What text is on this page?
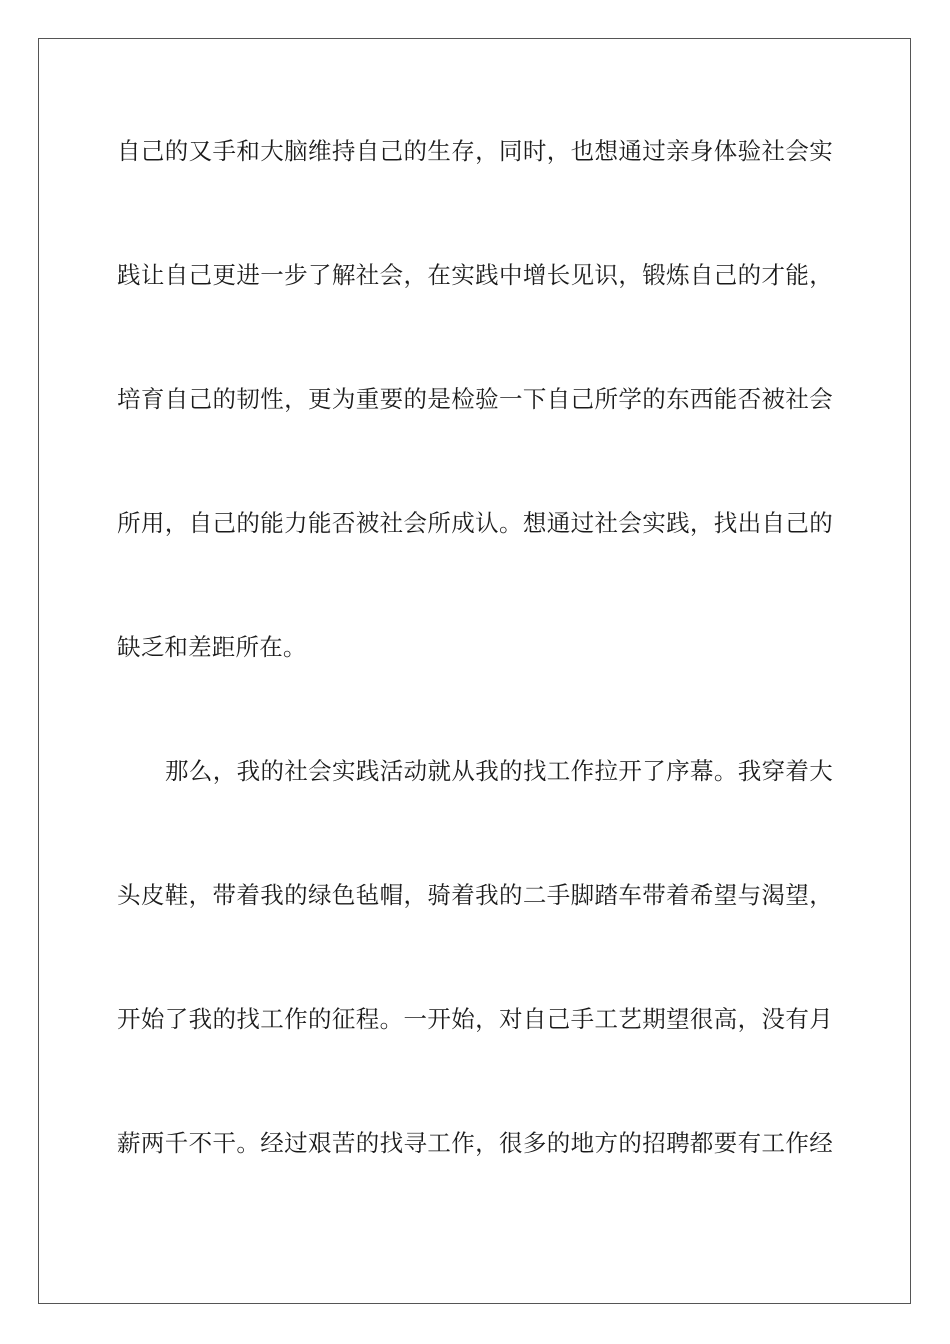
自己的又手和大脑维持自己的生存，同时，也想通过亲身体验社会实
践让自己更进一步了解社会，在实践中增长见识，锻炼自己的才能，
培育自己的韧性，更为重要的是检验一下自己所学的东西能否被社会
所用，自己的能力能否被社会所成认。想通过社会实践，找出自己的
缺乏和差距所在。
那么，我的社会实践活动就从我的找工作拉开了序幕。我穿着大
头皮鞋，带着我的绿色毡帽，骑着我的二手脚踏车带着希望与渴望，
开始了我的找工作的征程。一开始，对自己手工艺期望很高，没有月
薪两千不干。经过艰苦的找寻工作，很多的地方的招聘都要有工作经
